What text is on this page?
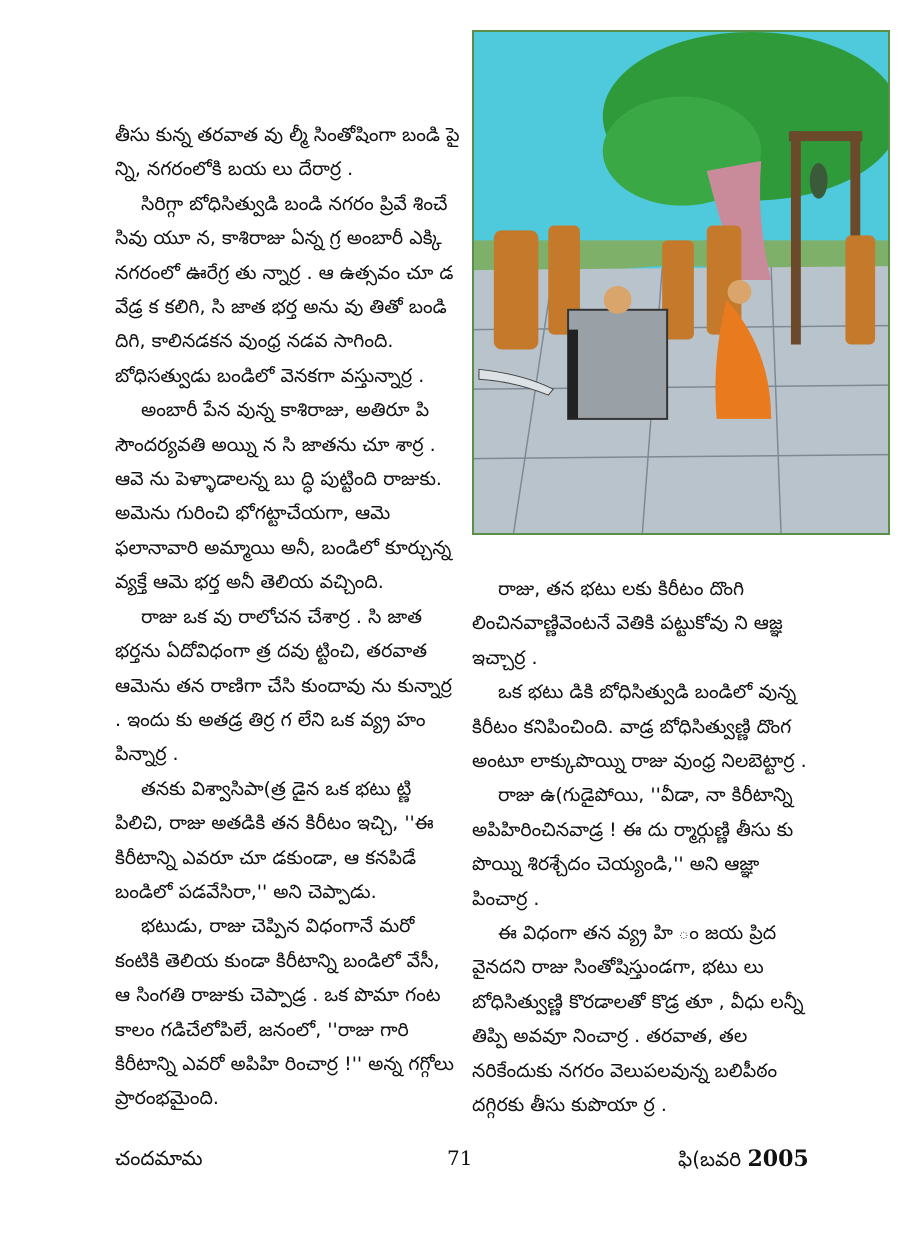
తీసు కున్న తరవాత వు ల్మీ సింతోషింగా బండి పై న్ని, నగరంలోకి బయ లు దేరార్ర .

సిరిగ్గా బోధిసిత్వుడి బండి నగరం ప్రివే శించే సివు యూ న, కాశిరాజు ఏన్న గ్ర అంబారీ ఎక్కి నగరంలో ఊరేగ్ర తు న్నార్ర . ఆ ఉత్సవం చూ డ వేడ్ర క కలిగి, సి జాత భర్త అను వు తితో బండి దిగి, కాలినడకన వుంధ్ర నడవ సాగింది. బోధిసత్వుడు బండిలో వెనకగా వస్తున్నార్ర .

అంబారీ పేన వున్న కాశిరాజు, అతిరూ పి సౌందర్యవతి అయ్ని న సి జాతను చూ శార్ర . ఆవె ను పెళ్ళాడాలన్న బు ద్ధి పుట్టింది రాజుకు. అమెను గురించి భోగట్టాచేయగా, ఆమె ఫలానావారి అమ్మాయి అనీ, బండిలో కూర్చున్న వ్యక్తే ఆమె భర్త అనీ తెలియ వచ్చింది.

రాజు ఒక వు రాలోచన చేశార్ర . సి జాత భర్తను ఏదోవిధంగా త్ర దవు ట్టించి, తరవాత ఆమెను తన రాణిగా చేసి కుందావు ను కున్నార్ర . ఇందు కు అతడ్ర తిర్ర గ లేని ఒక వ్య్ర హం పిన్నార్ర .

తనకు విశ్వాసిపా(త్ర డైన ఒక భటు ట్ణి పిలిచి, రాజు అతడికి తన కిరీటం ఇచ్చి, ''ఈ కిరీటాన్ని ఎవరూ చూ డకుండా, ఆ కనపిడే బండిలో పడవేసిరా,'' అని చెప్పాడు.

భటుడు, రాజు చెప్పిన విధంగానే మరో కంటికి తెలియ కుండా కిరీటాన్ని బండిలో వేసీ, ఆ సింగతి రాజుకు చెప్పాడ్ర . ఒక పొమా గంట కాలం గడిచేలోపిలే, జనంలో, ''రాజు గారి కిరీటాన్ని ఎవరో అపిహి రించార్ర !'' అన్న గగ్గోలు ప్రారంభమైంది.

రాజు, తన భటు లకు కిరీటం దొంగి లించినవాణ్ణివెంటనే వెతికి పట్టుకోవు ని ఆజ్ఞ ఇచ్చార్ర .

ఒక భటు డికి బోధిసిత్వుడి బండిలో వున్న కిరీటం కనిపించింది. వాడ్ర బోధిసిత్వుణ్ణి దొంగ అంటూ లాక్కుపొయ్ని రాజు వుంధ్ర నిలబెట్టార్ర .

రాజు ఉ(గుడైపోయి, ''వీడా, నా కిరీటాన్ని అపిహిరించినవాడ్ర ! ఈ దు ర్మార్గుణ్ణి తీసు కు పొయ్ని శిరశ్చేదం చెయ్యండి,'' అని ఆజ్ఞా పించార్ర .

ఈ విధంగా తన వ్య్ర హి ం జయ ప్రిద వైనదని రాజు సింతోషిస్తుండగా, భటు లు బోధిసిత్వుణ్ణి కొరడాలతో కొడ్ర తూ , వీధు లన్నీ తిప్పి అవవూ నించార్ర . తరవాత, తల నరికేందుకు నగరం వెలుపలవున్న బలిపీఠం దగ్గిరకు తీసు కుపొయా ర్ర .

చందమామ	71	ఫి(బవరి 2005
